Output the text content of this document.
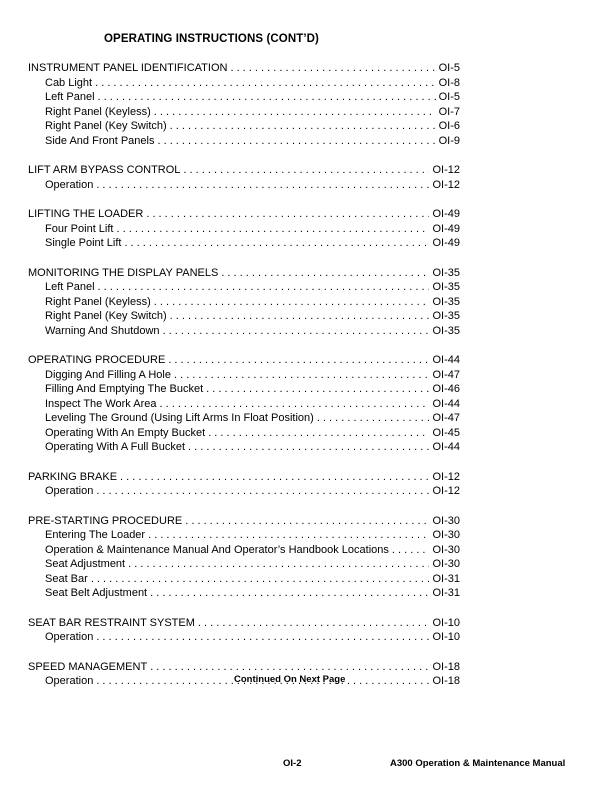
OPERATING INSTRUCTIONS (CONT’D)
INSTRUMENT PANEL IDENTIFICATION . . .	OI-5
Cab Light . . .	OI-8
Left Panel . . .	OI-5
Right Panel (Keyless) . . .	OI-7
Right Panel (Key Switch) . . .	OI-6
Side And Front Panels . . .	OI-9
LIFT ARM BYPASS CONTROL . . .	OI-12
Operation . . .	OI-12
LIFTING THE LOADER . . .	OI-49
Four Point Lift . . .	OI-49
Single Point Lift . . .	OI-49
MONITORING THE DISPLAY PANELS . . .	OI-35
Left Panel . . .	OI-35
Right Panel (Keyless) . . .	OI-35
Right Panel (Key Switch) . . .	OI-35
Warning And Shutdown . . .	OI-35
OPERATING PROCEDURE . . .	OI-44
Digging And Filling A Hole . . .	OI-47
Filling And Emptying The Bucket . . .	OI-46
Inspect The Work Area . . .	OI-44
Leveling The Ground (Using Lift Arms In Float Position) . . .	OI-47
Operating With An Empty Bucket . . .	OI-45
Operating With A Full Bucket . . .	OI-44
PARKING BRAKE . . .	OI-12
Operation . . .	OI-12
PRE-STARTING PROCEDURE . . .	OI-30
Entering The Loader . . .	OI-30
Operation & Maintenance Manual And Operator’s Handbook Locations . . .	OI-30
Seat Adjustment . . .	OI-30
Seat Bar . . .	OI-31
Seat Belt Adjustment . . .	OI-31
SEAT BAR RESTRAINT SYSTEM . . .	OI-10
Operation . . .	OI-10
SPEED MANAGEMENT . . .	OI-18
Operation . . .	OI-18
Continued On Next Page
OI-2	A300 Operation & Maintenance Manual
